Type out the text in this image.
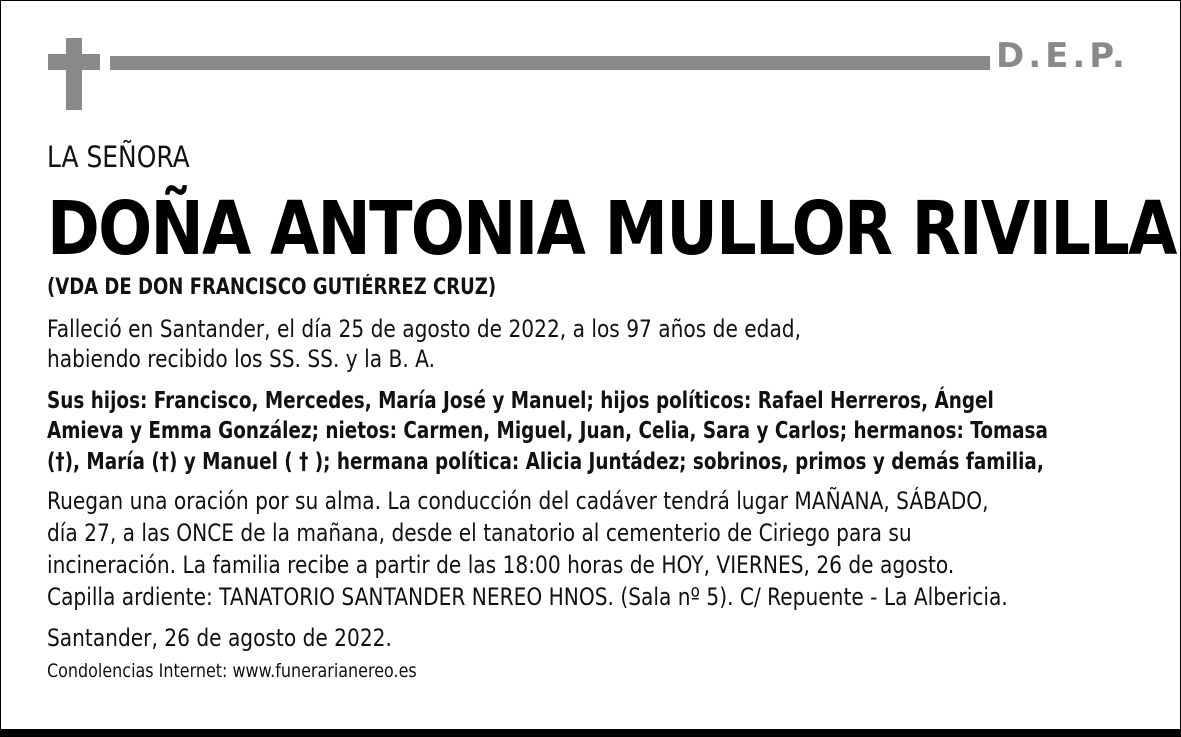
D.E.P.
LA SEÑORA
DOÑA ANTONIA MULLOR RIVILLA
(VDA DE DON FRANCISCO GUTIÉRREZ CRUZ)
Falleció en Santander, el día 25 de agosto de 2022, a los 97 años de edad,
habiendo recibido los SS. SS. y la B. A.
Sus hijos: Francisco, Mercedes, María José y Manuel; hijos políticos: Rafael Herreros, Ángel
Amieva y Emma González; nietos: Carmen, Miguel, Juan, Celia, Sara y Carlos; hermanos: Tomasa
(†), María (†) y Manuel ( † ); hermana política: Alicia Juntádez; sobrinos, primos y demás familia,
Ruegan una oración por su alma. La conducción del cadáver tendrá lugar MAÑANA, SÁBADO,
día 27, a las ONCE de la mañana, desde el tanatorio al cementerio de Ciriego para su
incineración. La familia recibe a partir de las 18:00 horas de HOY, VIERNES, 26 de agosto.
Capilla ardiente: TANATORIO SANTANDER NEREO HNOS. (Sala nº 5). C/ Repuente - La Albericia.
Santander, 26 de agosto de 2022.
Condolencias Internet: www.funerarianereo.es
